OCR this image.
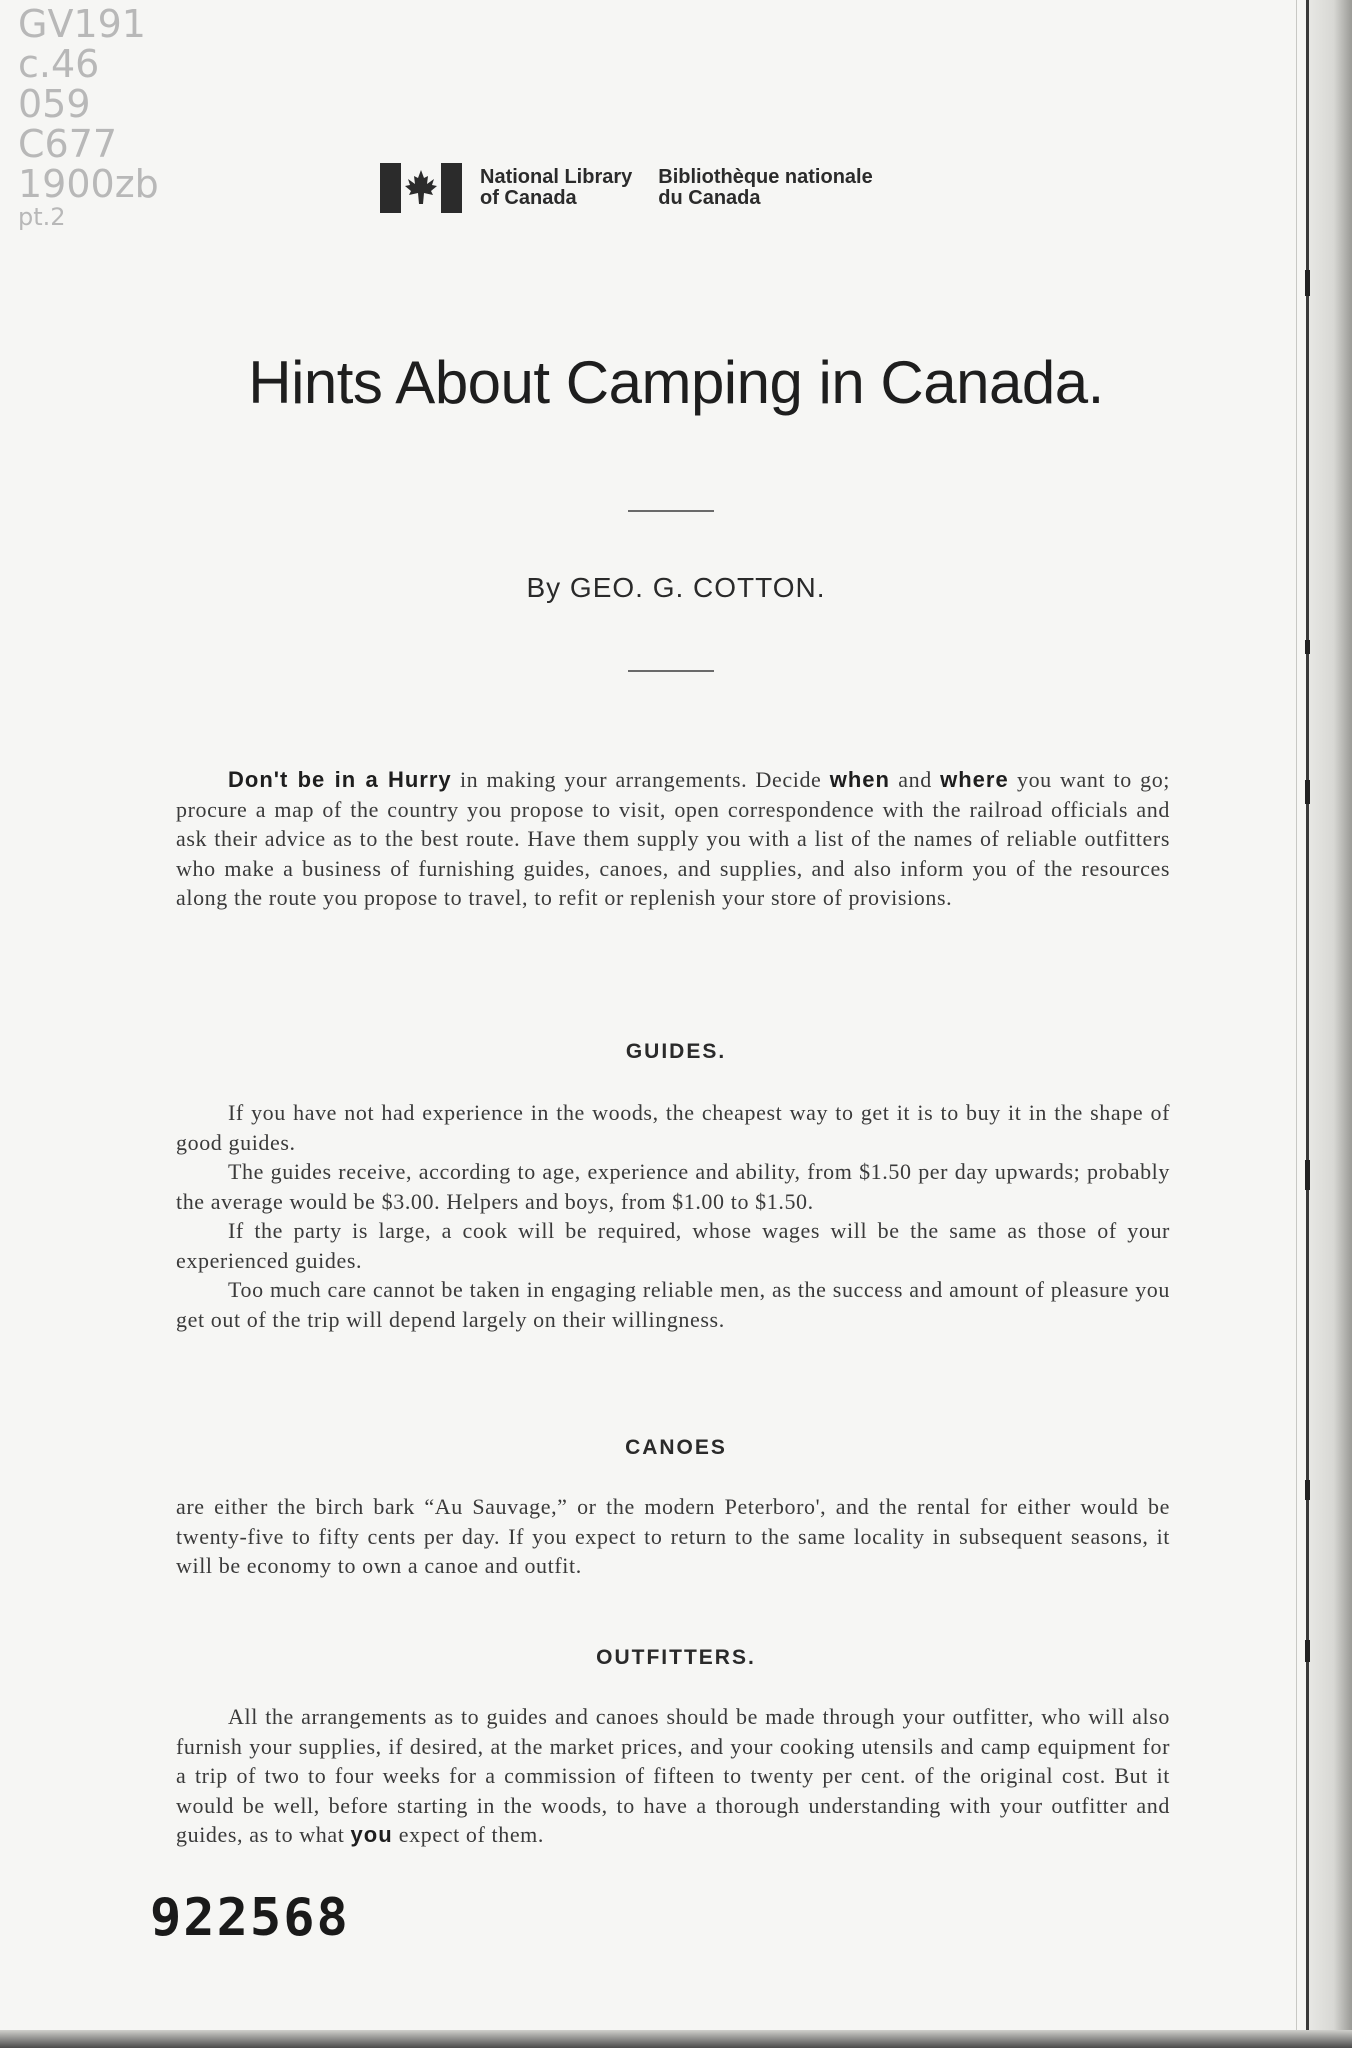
GV191
c.46
059
C677
1900zb
pt.2
National Library
of Canada
Bibliothèque nationale
du Canada
Hints About Camping in Canada.
By GEO. G. COTTON.
Don't be in a Hurry in making your arrangements. Decide when and where you want to go; procure a map of the country you propose to visit, open correspondence with the railroad officials and ask their advice as to the best route. Have them supply you with a list of the names of reliable outfitters who make a business of furnishing guides, canoes, and supplies, and also inform you of the resources along the route you propose to travel, to refit or replenish your store of provisions.
GUIDES.
If you have not had experience in the woods, the cheapest way to get it is to buy it in the shape of good guides.
The guides receive, according to age, experience and ability, from $1.50 per day upwards; probably the average would be $3.00. Helpers and boys, from $1.00 to $1.50.
If the party is large, a cook will be required, whose wages will be the same as those of your experienced guides.
Too much care cannot be taken in engaging reliable men, as the success and amount of pleasure you get out of the trip will depend largely on their willingness.
CANOES
are either the birch bark “Au Sauvage,” or the modern Peterboro', and the rental for either would be twenty-five to fifty cents per day. If you expect to return to the same locality in subsequent seasons, it will be economy to own a canoe and outfit.
OUTFITTERS.
All the arrangements as to guides and canoes should be made through your outfitter, who will also furnish your supplies, if desired, at the market prices, and your cooking utensils and camp equipment for a trip of two to four weeks for a commission of fifteen to twenty per cent. of the original cost. But it would be well, before starting in the woods, to have a thorough understanding with your outfitter and guides, as to what you expect of them.
922568
